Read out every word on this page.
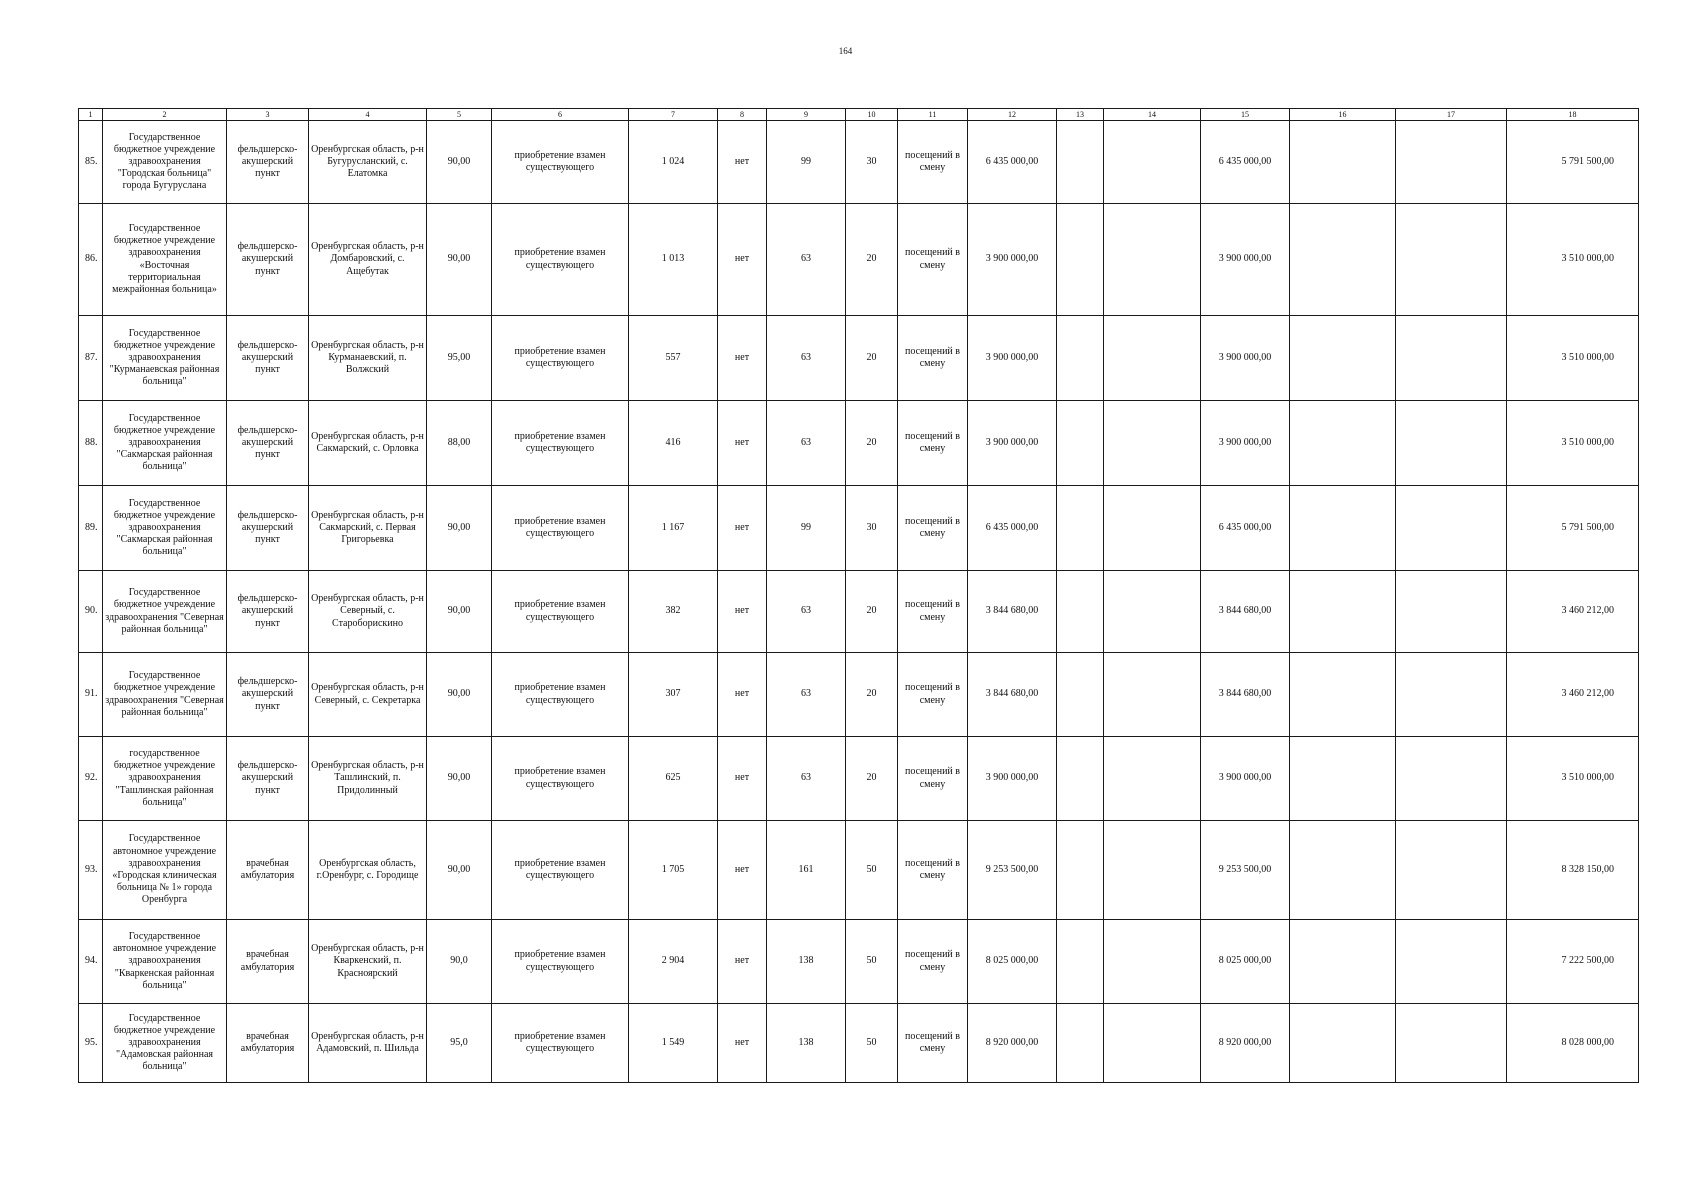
164
1	2	3	4	5	6	7	8	9	10	11	12	13	14	15	16	17	18
85.	Государственное бюджетное учреждение здравоохранения "Городская больница" города Бугуруслана	фельдшерско-акушерский пункт	Оренбургская область, р-н Бугурусланский, с. Елатомка	90,00	приобретение взамен существующего	1 024	нет	99	30	посещений в смену	6 435 000,00			6 435 000,00			5 791 500,00
86.	Государственное бюджетное учреждение здравоохранения «Восточная территориальная межрайонная больница»	фельдшерско-акушерский пункт	Оренбургская область, р-н Домбаровский, с. Ащебутак	90,00	приобретение взамен существующего	1 013	нет	63	20	посещений в смену	3 900 000,00			3 900 000,00			3 510 000,00
87.	Государственное бюджетное учреждение здравоохранения "Курманаевская районная больница"	фельдшерско-акушерский пункт	Оренбургская область, р-н Курманаевский, п. Волжский	95,00	приобретение взамен существующего	557	нет	63	20	посещений в смену	3 900 000,00			3 900 000,00			3 510 000,00
88.	Государственное бюджетное учреждение здравоохранения "Сакмарская районная больница"	фельдшерско-акушерский пункт	Оренбургская область, р-н Сакмарский, с. Орловка	88,00	приобретение взамен существующего	416	нет	63	20	посещений в смену	3 900 000,00			3 900 000,00			3 510 000,00
89.	Государственное бюджетное учреждение здравоохранения "Сакмарская районная больница"	фельдшерско-акушерский пункт	Оренбургская область, р-н Сакмарский, с. Первая Григорьевка	90,00	приобретение взамен существующего	1 167	нет	99	30	посещений в смену	6 435 000,00			6 435 000,00			5 791 500,00
90.	Государственное бюджетное учреждение здравоохранения "Северная районная больница"	фельдшерско-акушерский пункт	Оренбургская область, р-н Северный, с. Староборискино	90,00	приобретение взамен существующего	382	нет	63	20	посещений в смену	3 844 680,00			3 844 680,00			3 460 212,00
91.	Государственное бюджетное учреждение здравоохранения "Северная районная больница"	фельдшерско-акушерский пункт	Оренбургская область, р-н Северный, с. Секретарка	90,00	приобретение взамен существующего	307	нет	63	20	посещений в смену	3 844 680,00			3 844 680,00			3 460 212,00
92.	государственное бюджетное учреждение здравоохранения "Ташлинская районная больница"	фельдшерско-акушерский пункт	Оренбургская область, р-н Ташлинский, п. Придолинный	90,00	приобретение взамен существующего	625	нет	63	20	посещений в смену	3 900 000,00			3 900 000,00			3 510 000,00
93.	Государственное автономное учреждение здравоохранения «Городская клиническая больница № 1» города Оренбурга	врачебная амбулатория	Оренбургская область, г.Оренбург, с. Городище	90,00	приобретение взамен существующего	1 705	нет	161	50	посещений в смену	9 253 500,00			9 253 500,00			8 328 150,00
94.	Государственное автономное учреждение здравоохранения "Кваркенская районная больница"	врачебная амбулатория	Оренбургская область, р-н Кваркенский, п. Красноярский	90,0	приобретение взамен существующего	2 904	нет	138	50	посещений в смену	8 025 000,00			8 025 000,00			7 222 500,00
95.	Государственное бюджетное учреждение здравоохранения "Адамовская районная больница"	врачебная амбулатория	Оренбургская область, р-н Адамовский, п. Шильда	95,0	приобретение взамен существующего	1 549	нет	138	50	посещений в смену	8 920 000,00			8 920 000,00			8 028 000,00
